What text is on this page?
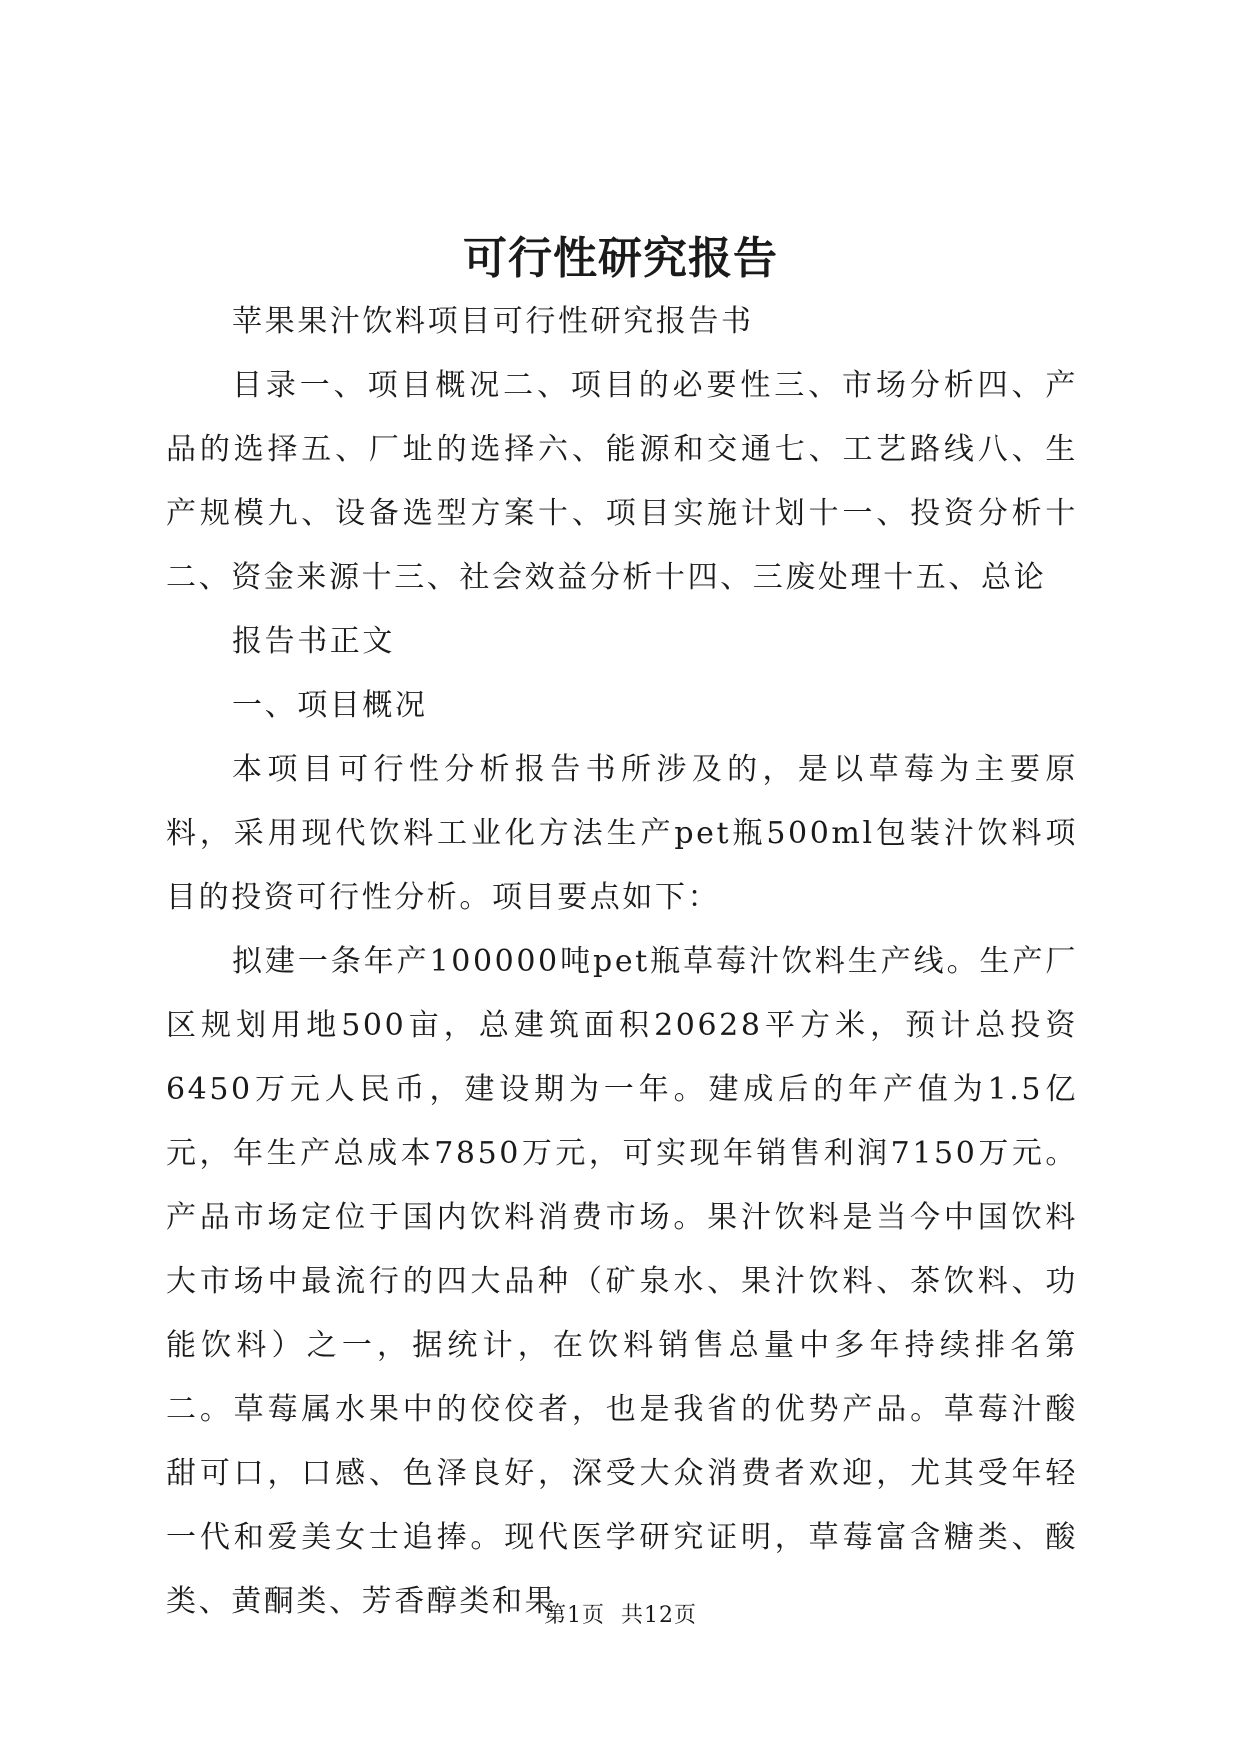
可行性研究报告

苹果果汁饮料项目可行性研究报告书

目录一、项目概况二、项目的必要性三、市场分析四、产品的选择五、厂址的选择六、能源和交通七、工艺路线八、生产规模九、设备选型方案十、项目实施计划十一、投资分析十二、资金来源十三、社会效益分析十四、三废处理十五、总论

报告书正文

一、项目概况

本项目可行性分析报告书所涉及的，是以草莓为主要原料，采用现代饮料工业化方法生产pet瓶500ml包装汁饮料项目的投资可行性分析。项目要点如下：

拟建一条年产100000吨pet瓶草莓汁饮料生产线。生产厂区规划用地500亩，总建筑面积20628平方米，预计总投资6450万元人民币，建设期为一年。建成后的年产值为1.5亿元，年生产总成本7850万元，可实现年销售利润7150万元。产品市场定位于国内饮料消费市场。果汁饮料是当今中国饮料大市场中最流行的四大品种（矿泉水、果汁饮料、茶饮料、功能饮料）之一，据统计，在饮料销售总量中多年持续排名第二。草莓属水果中的佼佼者，也是我省的优势产品。草莓汁酸甜可口，口感、色泽良好，深受大众消费者欢迎，尤其受年轻一代和爱美女士追捧。现代医学研究证明，草莓富含糖类、酸类、黄酮类、芳香醇类和果

第1页 共12页
